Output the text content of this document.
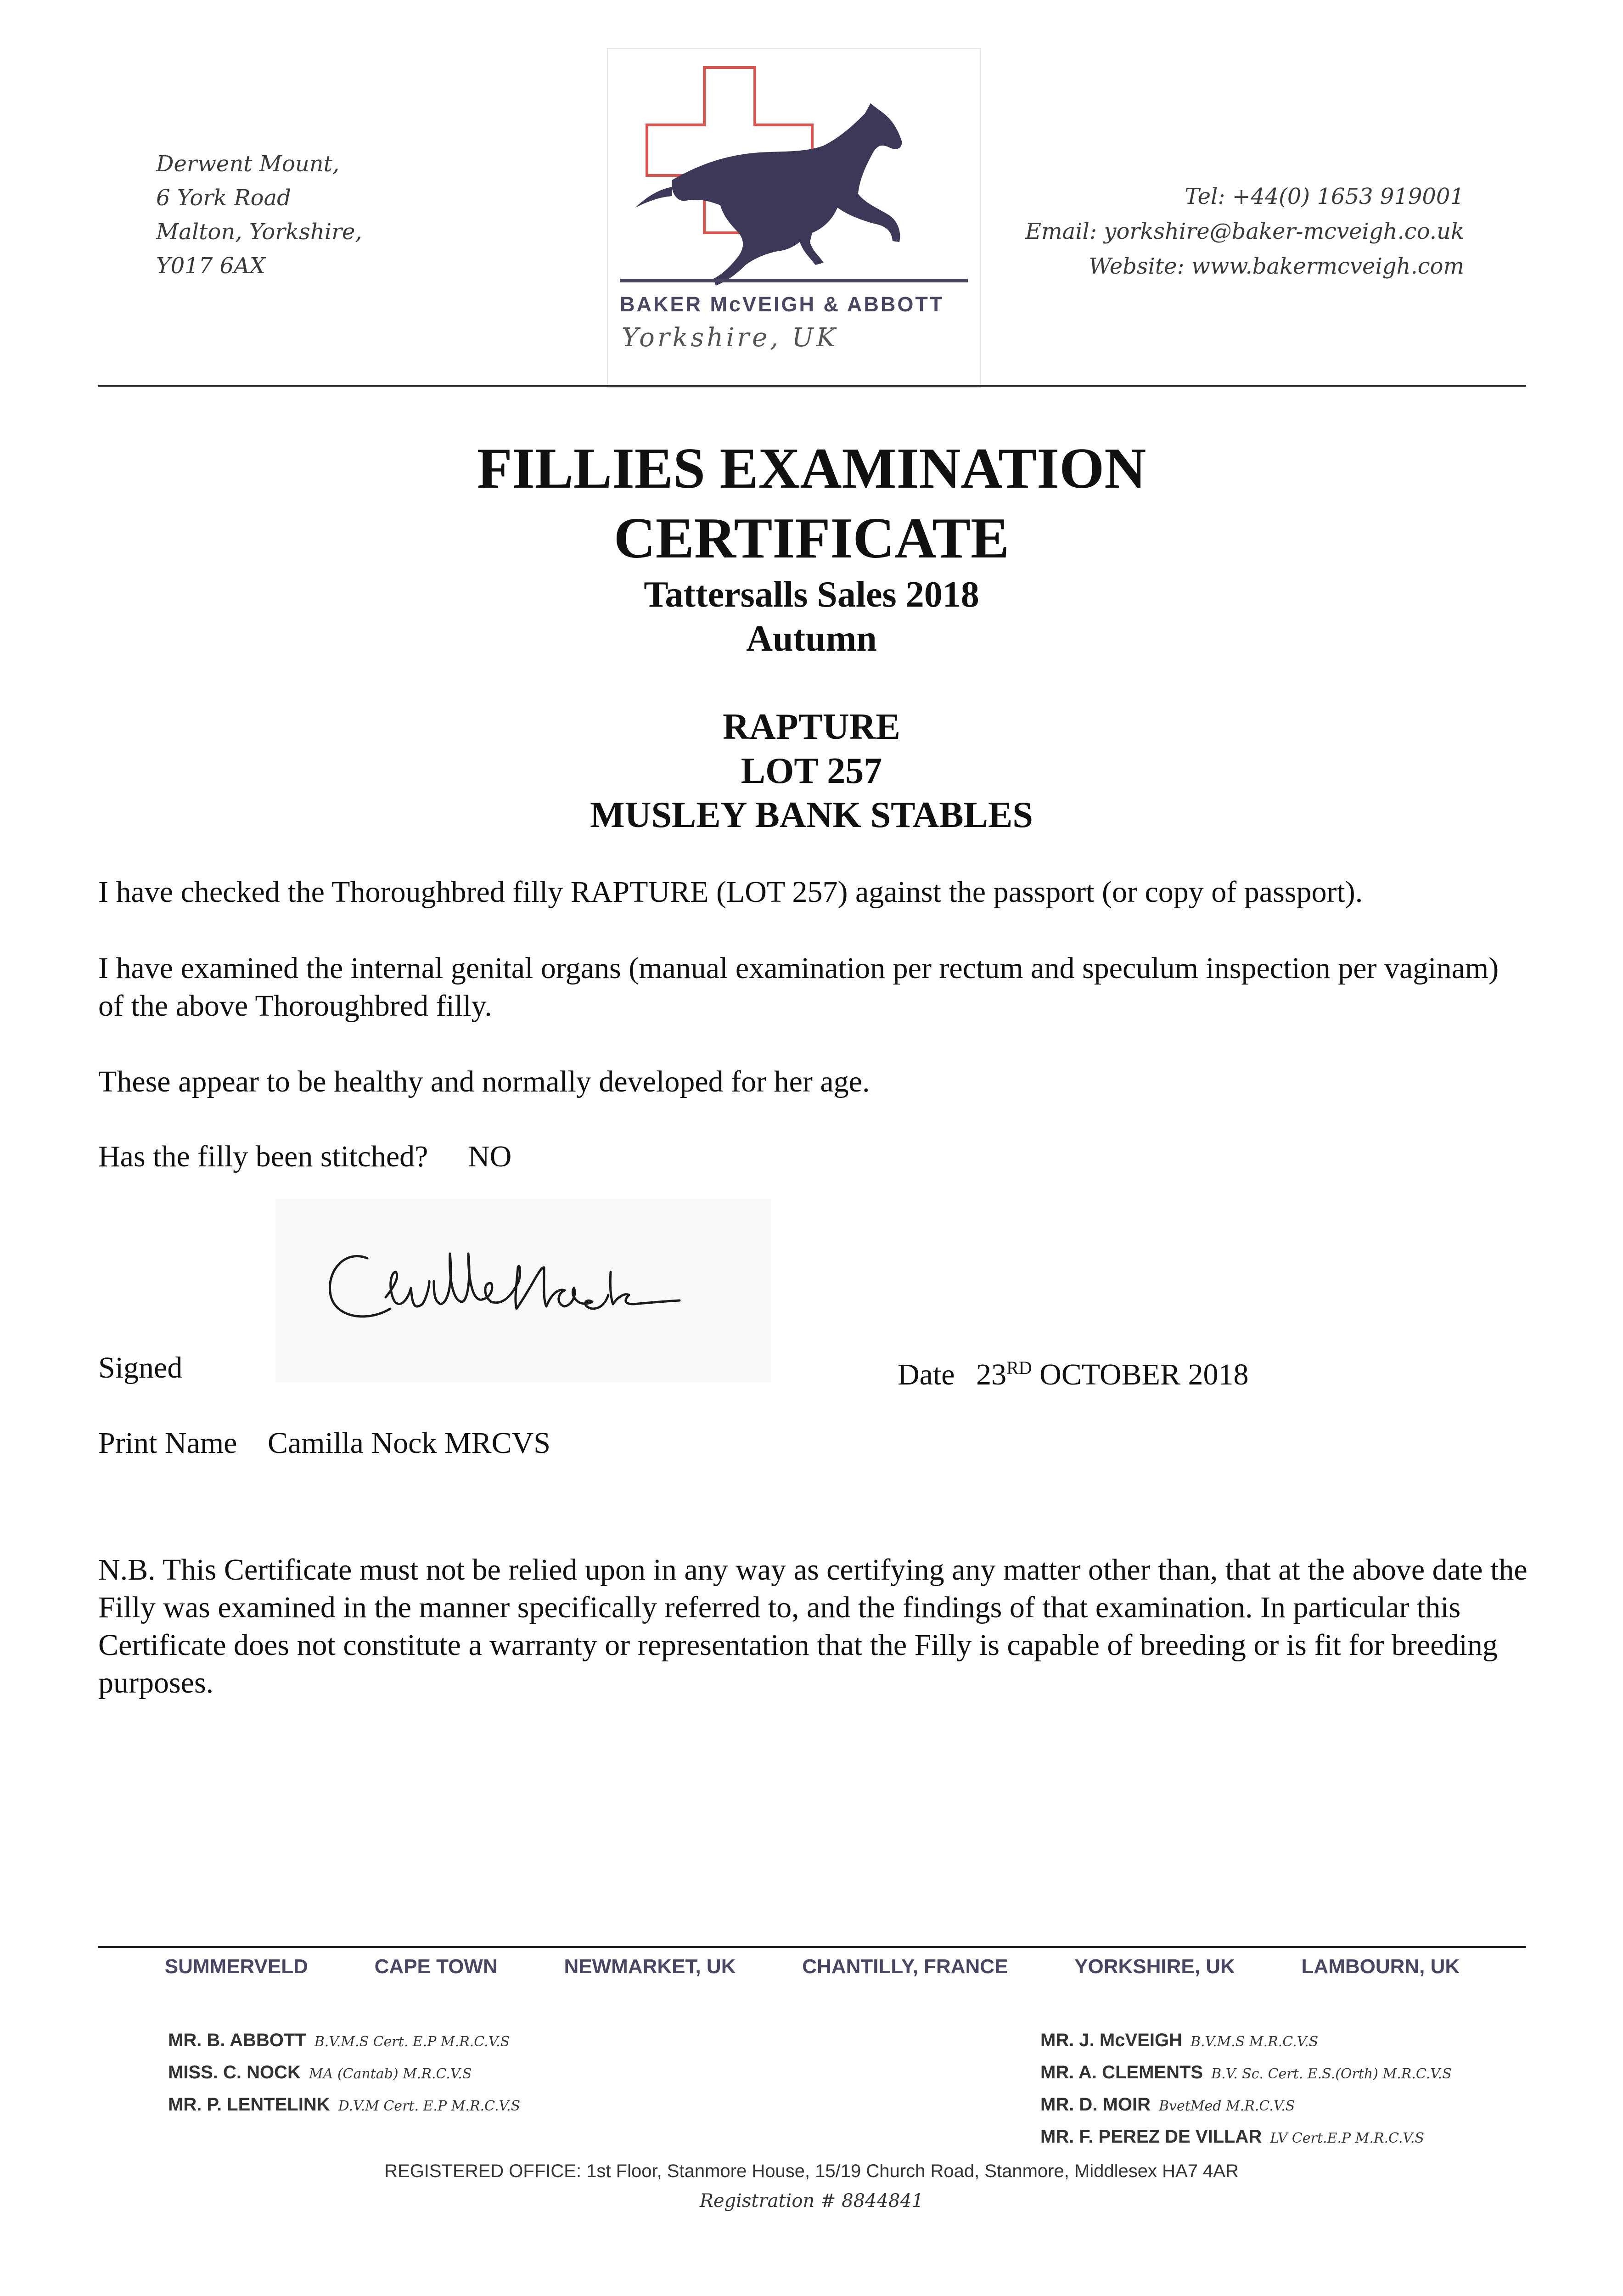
Derwent Mount,
6 York Road
Malton, Yorkshire,
Y017 6AX
BAKER McVEIGH & ABBOTT
Yorkshire, UK
Tel: +44(0) 1653 919001
Email: yorkshire@baker-mcveigh.co.uk
Website: www.bakermcveigh.com
FILLIES EXAMINATION
CERTIFICATE
Tattersalls Sales 2018
Autumn
RAPTURE
LOT 257
MUSLEY BANK STABLES
I have checked the Thoroughbred filly RAPTURE (LOT 257) against the passport (or copy of passport).
I have examined the internal genital organs (manual examination per rectum and speculum inspection per vaginam) of the above Thoroughbred filly.
These appear to be healthy and normally developed for her age.
Has the filly been stitched? NO
Signed	Date 23RD OCTOBER 2018
Print Name Camilla Nock MRCVS
N.B. This Certificate must not be relied upon in any way as certifying any matter other than, that at the above date the Filly was examined in the manner specifically referred to, and the findings of that examination. In particular this Certificate does not constitute a warranty or representation that the Filly is capable of breeding or is fit for breeding purposes.
SUMMERVELD	CAPE TOWN	NEWMARKET, UK	CHANTILLY, FRANCE	YORKSHIRE, UK	LAMBOURN, UK
MR. B. ABBOTT B.V.M.S Cert. E.P M.R.C.V.S
MISS. C. NOCK MA (Cantab) M.R.C.V.S
MR. P. LENTELINK D.V.M Cert. E.P M.R.C.V.S
MR. J. McVEIGH B.V.M.S M.R.C.V.S
MR. A. CLEMENTS B.V. Sc. Cert. E.S.(Orth) M.R.C.V.S
MR. D. MOIR BvetMed M.R.C.V.S
MR. F. PEREZ DE VILLAR LV Cert.E.P M.R.C.V.S
REGISTERED OFFICE: 1st Floor, Stanmore House, 15/19 Church Road, Stanmore, Middlesex HA7 4AR
Registration # 8844841
